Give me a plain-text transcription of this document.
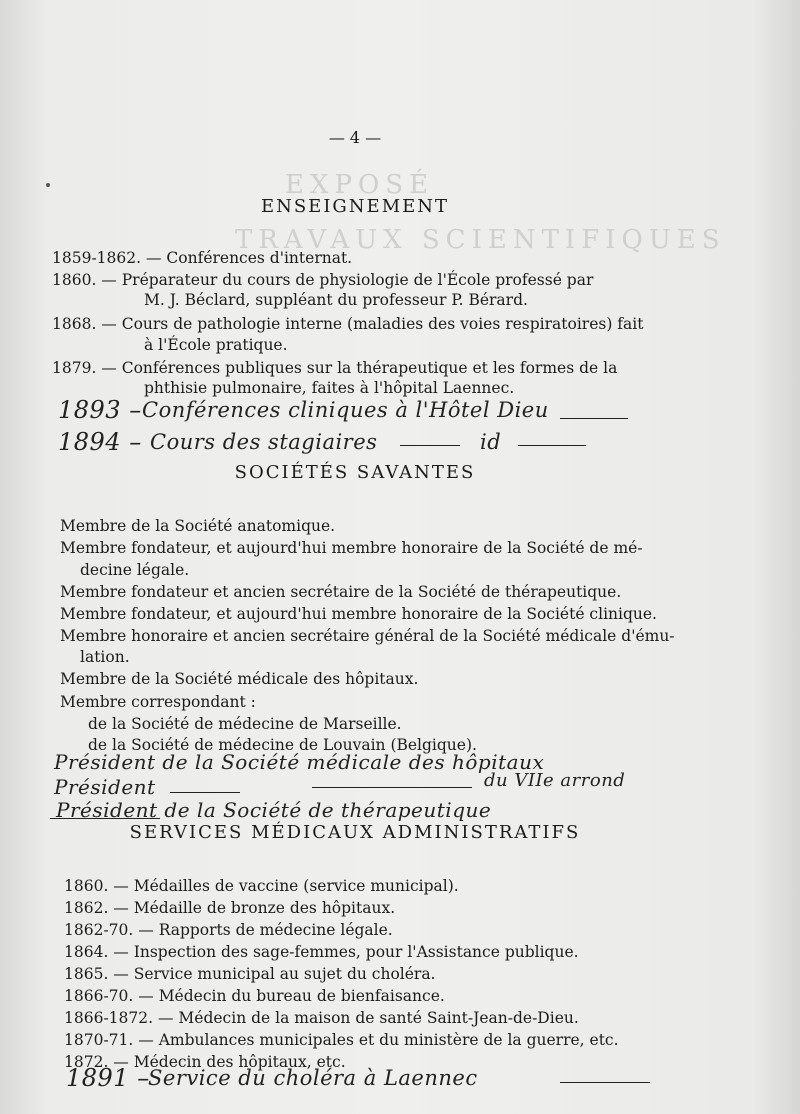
EXPOSÉ
TRAVAUX SCIENTIFIQUES
— 4 —
ENSEIGNEMENT
1859-1862. — Conférences d'internat.
1860. — Préparateur du cours de physiologie de l'École professé par
M. J. Béclard, suppléant du professeur P. Bérard.
1868. — Cours de pathologie interne (maladies des voies respiratoires) fait
à l'École pratique.
1879. — Conférences publiques sur la thérapeutique et les formes de la
phthisie pulmonaire, faites à l'hôpital Laennec.
1893 – Conférences cliniques à l'Hôtel Dieu
1894 – Cours des stagiaires	id
SOCIÉTÉS SAVANTES
Membre de la Société anatomique.
Membre fondateur, et aujourd'hui membre honoraire de la Société de mé-
decine légale.
Membre fondateur et ancien secrétaire de la Société de thérapeutique.
Membre fondateur, et aujourd'hui membre honoraire de la Société clinique.
Membre honoraire et ancien secrétaire général de la Société médicale d'ému-
lation.
Membre de la Société médicale des hôpitaux.
Membre correspondant :
de la Société de médecine de Marseille.
de la Société de médecine de Louvain (Belgique).
Président de la Société médicale des hôpitaux
Président	du VIIe arrond
Président de la Société de thérapeutique
SERVICES MÉDICAUX ADMINISTRATIFS
1860. — Médailles de vaccine (service municipal).
1862. — Médaille de bronze des hôpitaux.
1862-70. — Rapports de médecine légale.
1864. — Inspection des sage-femmes, pour l'Assistance publique.
1865. — Service municipal au sujet du choléra.
1866-70. — Médecin du bureau de bienfaisance.
1866-1872. — Médecin de la maison de santé Saint-Jean-de-Dieu.
1870-71. — Ambulances municipales et du ministère de la guerre, etc.
1872. — Médecin des hôpitaux, etc.
1891 –
Service du choléra à Laennec
